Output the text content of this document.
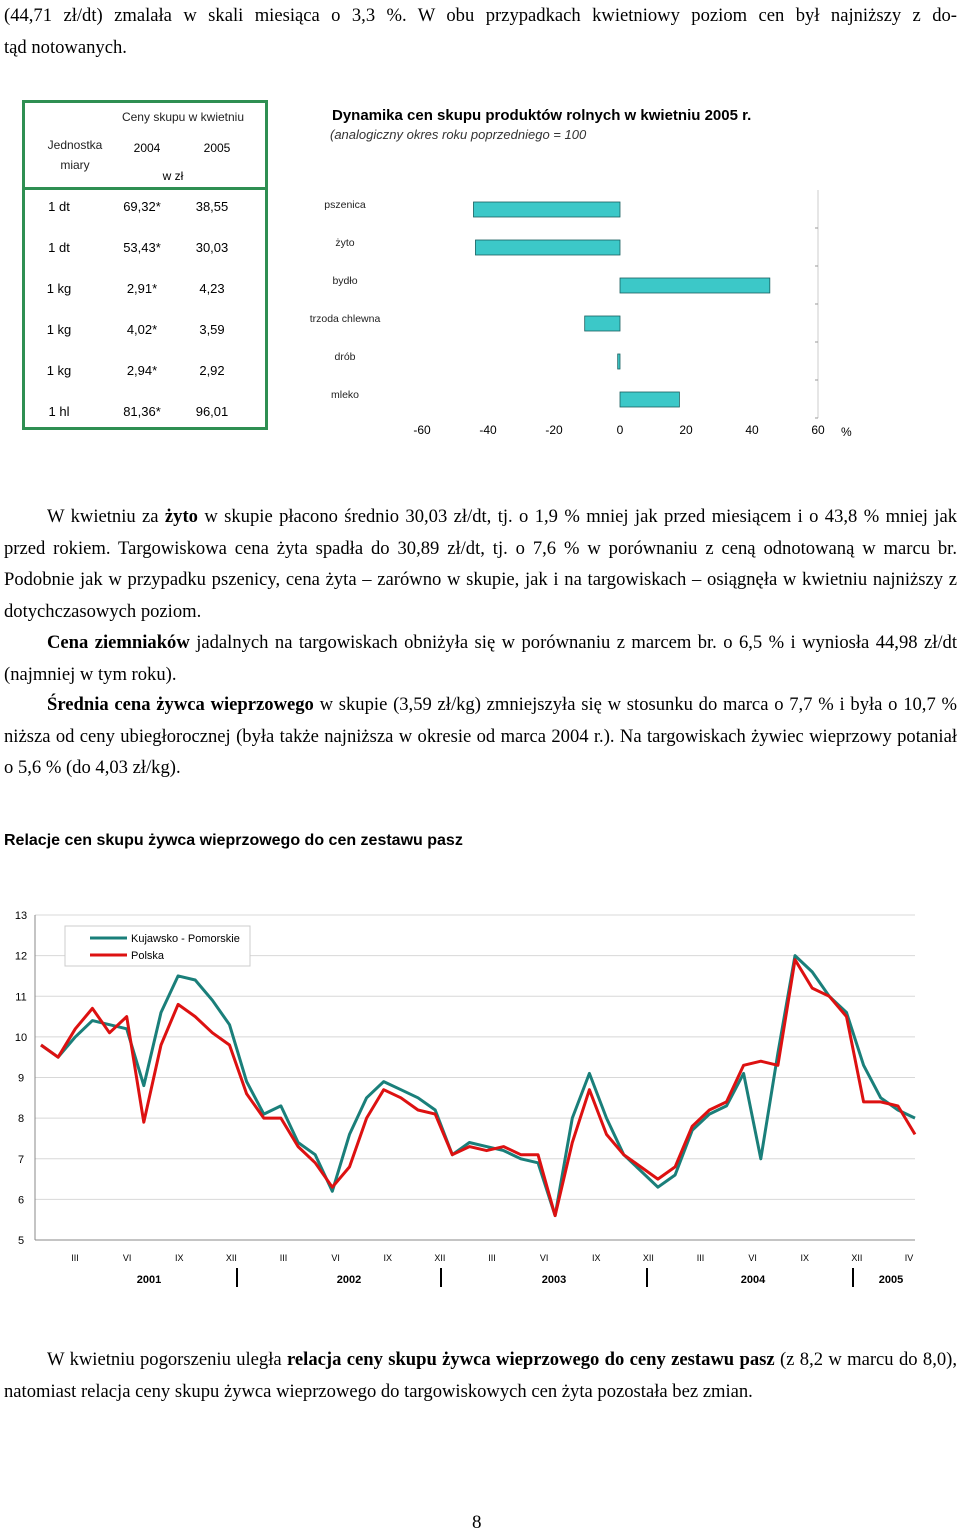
(44,71 zł/dt) zmalała w skali miesiąca o 3,3 %. W obu przypadkach kwietniowy poziom cen był najniższy z do-

tąd notowanych.

Jednostka miary
Ceny skupu w kwietniu
2004	2005
w zł
1 dt	69,32*	38,55
1 dt	53,43*	30,03
1 kg	2,91*	4,23
1 kg	4,02*	3,59
1 kg	2,94*	2,92
1 hl	81,36*	96,01
Dynamika cen skupu produktów rolnych w kwietniu 2005 r.
(analogiczny okres roku poprzedniego = 100
pszenica
żyto
bydło
trzoda chlewna
drób
mleko
-60	-40	-20	0	20	40	60 %

W kwietniu za żyto w skupie płacono średnio 30,03 zł/dt, tj. o 1,9 % mniej jak przed miesiącem i o 43,8 % mniej jak przed rokiem. Targowiskowa cena żyta spadła do 30,89 zł/dt, tj. o 7,6 % w porównaniu z ceną odnotowaną w marcu br. Podobnie jak w przypadku pszenicy, cena żyta – zarówno w skupie, jak i na targowiskach – osiągnęła w kwietniu najniższy z dotychczasowych poziom.

Cena ziemniaków jadalnych na targowiskach obniżyła się w porównaniu z marcem br. o 6,5 % i wyniosła 44,98 zł/dt (najmniej w tym roku).

Średnia cena żywca wieprzowego w skupie (3,59 zł/kg) zmniejszyła się w stosunku do marca o 7,7 % i była o 10,7 % niższa od ceny ubiegłorocznej (była także najniższa w okresie od marca 2004 r.). Na targowiskach żywiec wieprzowy potaniał o 5,6 % (do 4,03 zł/kg).

Relacje cen skupu żywca wieprzowego do cen zestawu pasz
13
12
11
10
9
8
7
6
5
III	VI	IX	XII	III	VI	IX	XII	III	VI	IX	XII	III	VI	IX	XII	IV
2001	2002	2003	2004	2005
Kujawsko - Pomorskie
Polska

W kwietniu pogorszeniu uległa relacja ceny skupu żywca wieprzowego do ceny zestawu pasz (z 8,2 w marcu do 8,0), natomiast relacja ceny skupu żywca wieprzowego do targowiskowych cen żyta pozostała bez zmian.

8
